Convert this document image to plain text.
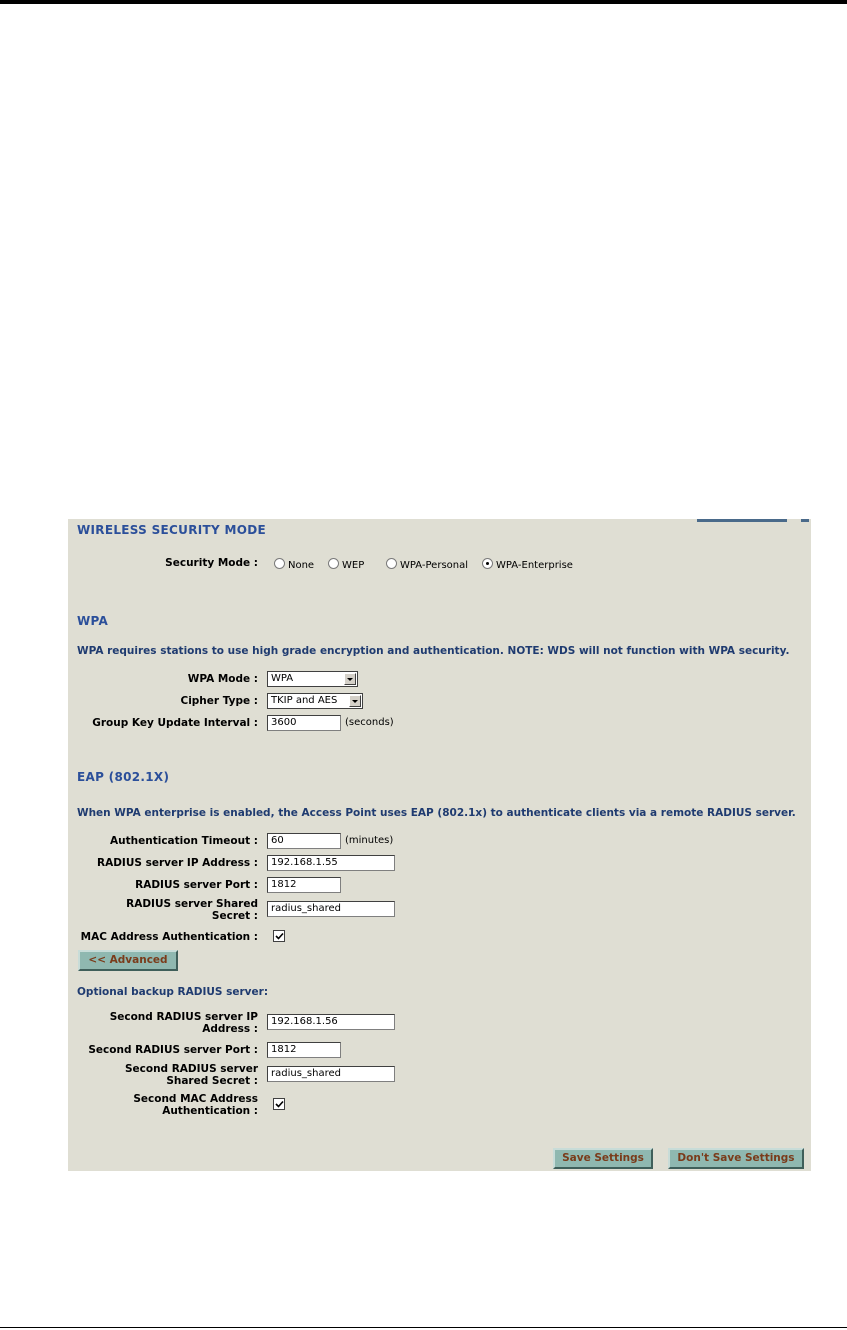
WIRELESS SECURITY MODE
Security Mode :	None	WEP	WPA-Personal	WPA-Enterprise
WPA
WPA requires stations to use high grade encryption and authentication. NOTE: WDS will not function with WPA security.
WPA Mode :	WPA
Cipher Type :	TKIP and AES
Group Key Update Interval :	3600	(seconds)
EAP (802.1X)
When WPA enterprise is enabled, the Access Point uses EAP (802.1x) to authenticate clients via a remote RADIUS server.
Authentication Timeout :	60	(minutes)
RADIUS server IP Address :	192.168.1.55
RADIUS server Port :	1812
RADIUS server Shared
Secret :
radius_shared
MAC Address Authentication :
<< Advanced
Optional backup RADIUS server:
Second RADIUS server IP
Address :
192.168.1.56
Second RADIUS server Port :	1812
Second RADIUS server
Shared Secret :
radius_shared
Second MAC Address
Authentication :
Save Settings	Don't Save Settings
